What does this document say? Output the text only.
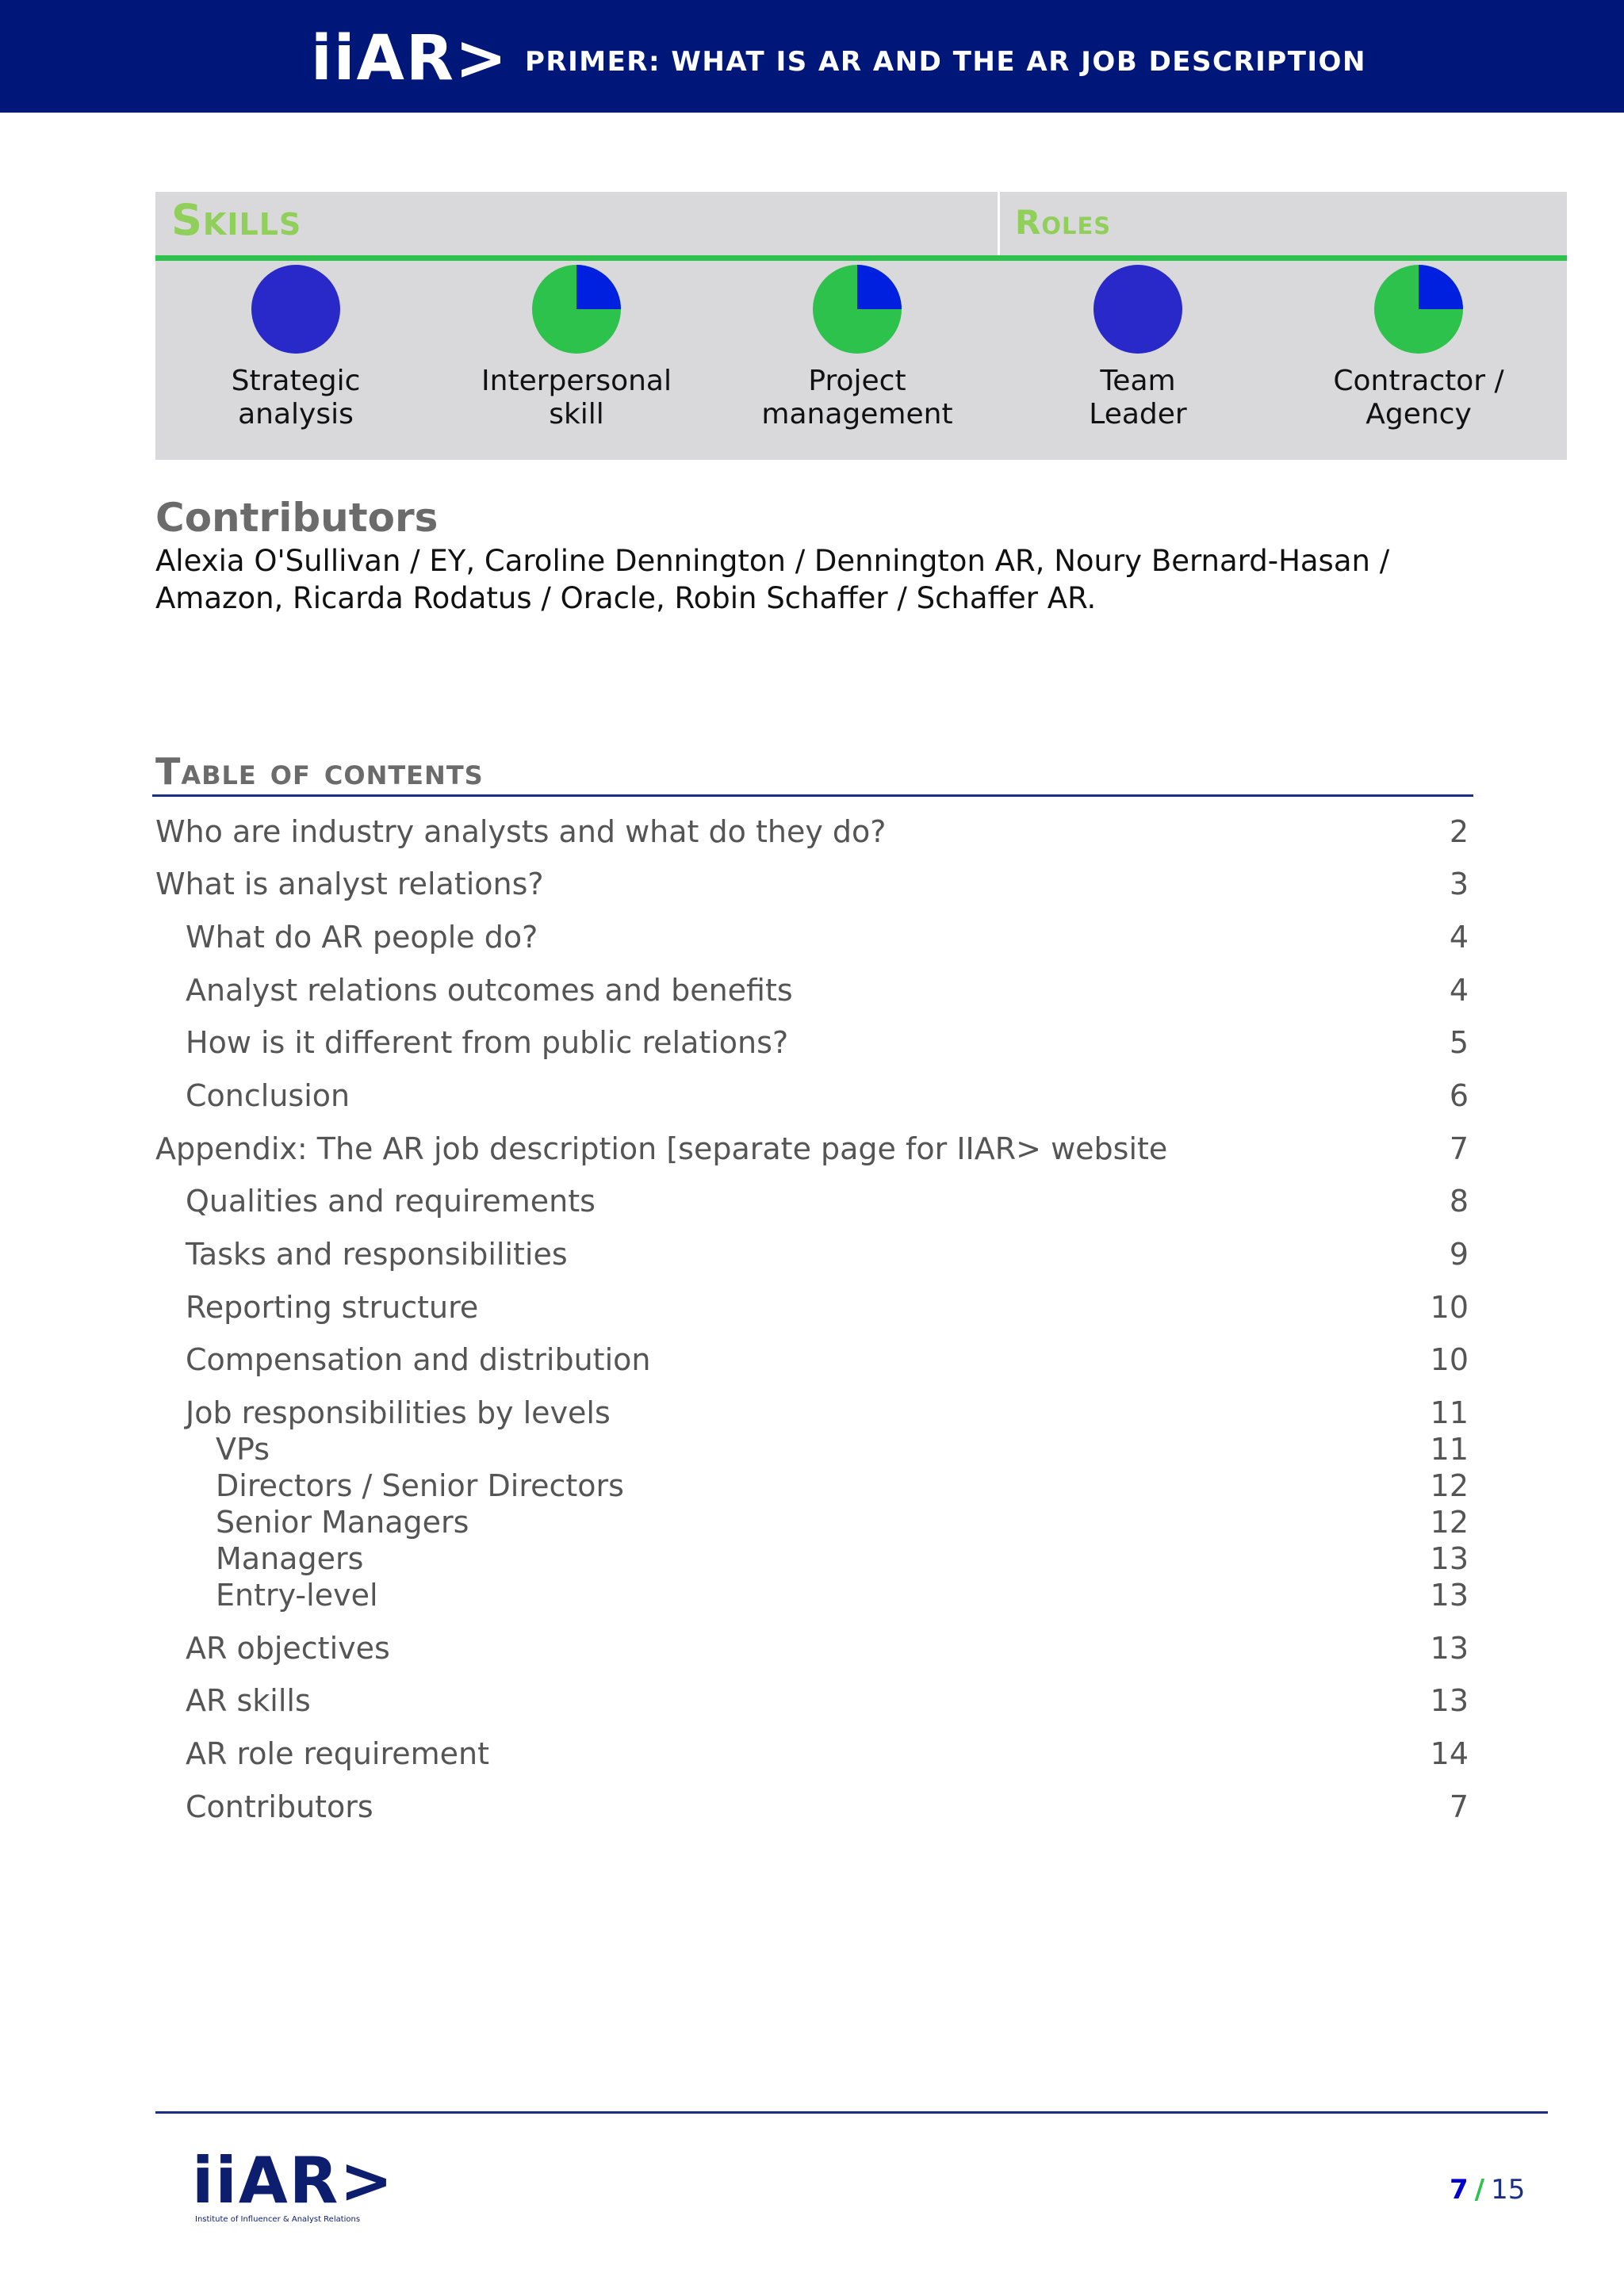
iiAR> PRIMER: WHAT IS AR AND THE AR JOB DESCRIPTION
Skills	Roles
Strategic
analysis
Interpersonal
skill
Project
management
Team
Leader
Contractor /
Agency
Contributors
Alexia O'Sullivan / EY, Caroline Dennington / Dennington AR, Noury Bernard-Hasan / Amazon, Ricarda Rodatus / Oracle, Robin Schaffer / Schaffer AR.
Table of contents
Who are industry analysts and what do they do?	2
What is analyst relations?	3
What do AR people do?	4
Analyst relations outcomes and benefits	4
How is it different from public relations?	5
Conclusion	6
Appendix: The AR job description [separate page for IIAR> website	7
Qualities and requirements	8
Tasks and responsibilities	9
Reporting structure	10
Compensation and distribution	10
Job responsibilities by levels	11
VPs	11
Directors / Senior Directors	12
Senior Managers	12
Managers	13
Entry-level	13
AR objectives	13
AR skills	13
AR role requirement	14
Contributors	7
iiAR>
Institute of Influencer & Analyst Relations
7 / 15
